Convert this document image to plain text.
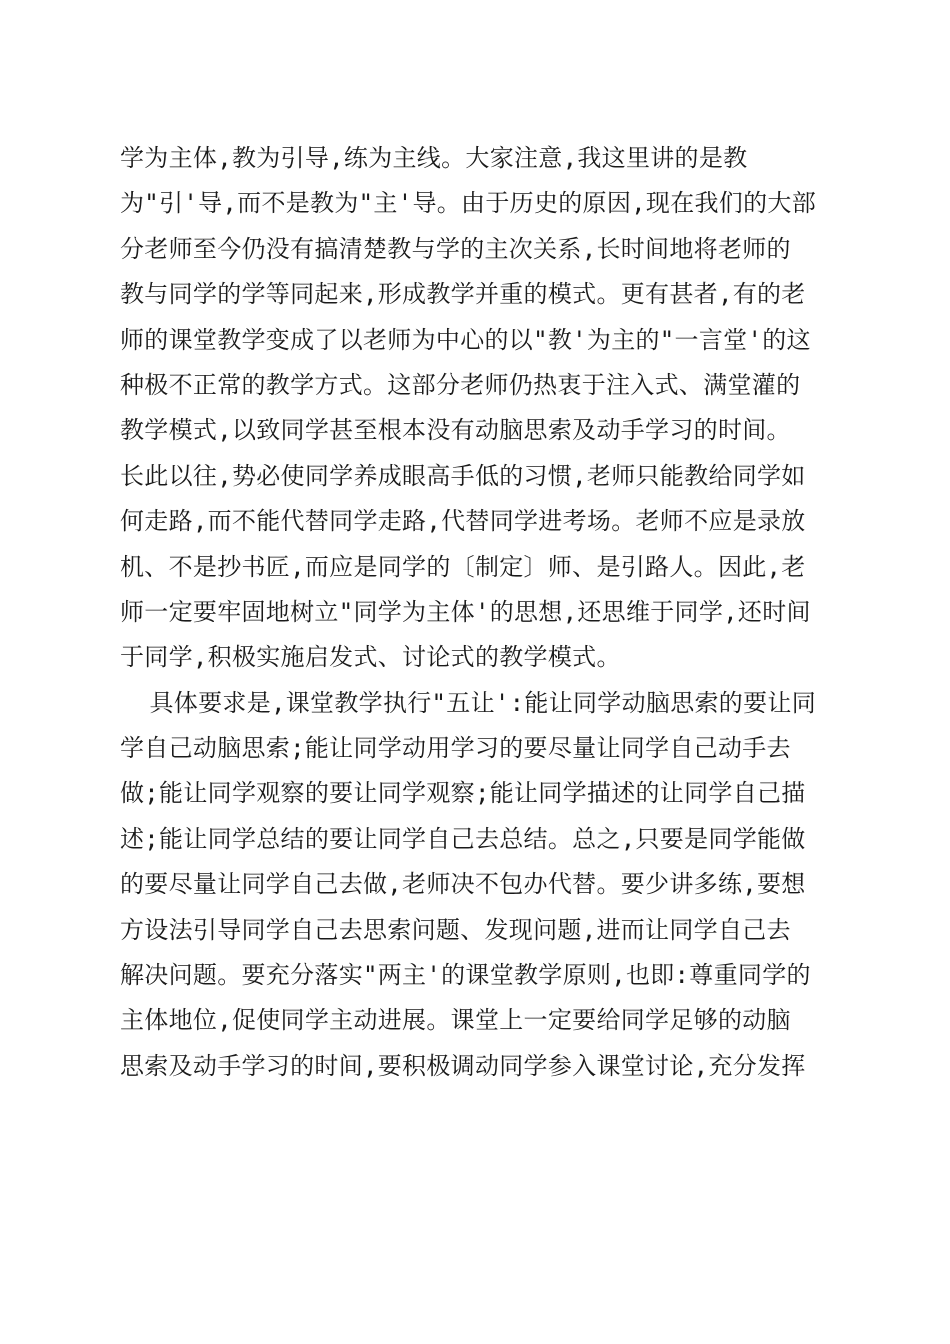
学为主体,教为引导,练为主线。大家注意,我这里讲的是教
为"引'导,而不是教为"主'导。由于历史的原因,现在我们的大部
分老师至今仍没有搞清楚教与学的主次关系,长时间地将老师的
教与同学的学等同起来,形成教学并重的模式。更有甚者,有的老
师的课堂教学变成了以老师为中心的以"教'为主的"一言堂'的这
种极不正常的教学方式。这部分老师仍热衷于注入式、满堂灌的
教学模式,以致同学甚至根本没有动脑思索及动手学习的时间。
长此以往,势必使同学养成眼高手低的习惯,老师只能教给同学如
何走路,而不能代替同学走路,代替同学进考场。老师不应是录放
机、不是抄书匠,而应是同学的〔制定〕师、是引路人。因此,老
师一定要牢固地树立"同学为主体'的思想,还思维于同学,还时间
于同学,积极实施启发式、讨论式的教学模式。
具体要求是,课堂教学执行"五让':能让同学动脑思索的要让同
学自己动脑思索;能让同学动用学习的要尽量让同学自己动手去
做;能让同学观察的要让同学观察;能让同学描述的让同学自己描
述;能让同学总结的要让同学自己去总结。总之,只要是同学能做
的要尽量让同学自己去做,老师决不包办代替。要少讲多练,要想
方设法引导同学自己去思索问题、发现问题,进而让同学自己去
解决问题。要充分落实"两主'的课堂教学原则,也即:尊重同学的
主体地位,促使同学主动进展。课堂上一定要给同学足够的动脑
思索及动手学习的时间,要积极调动同学参入课堂讨论,充分发挥
